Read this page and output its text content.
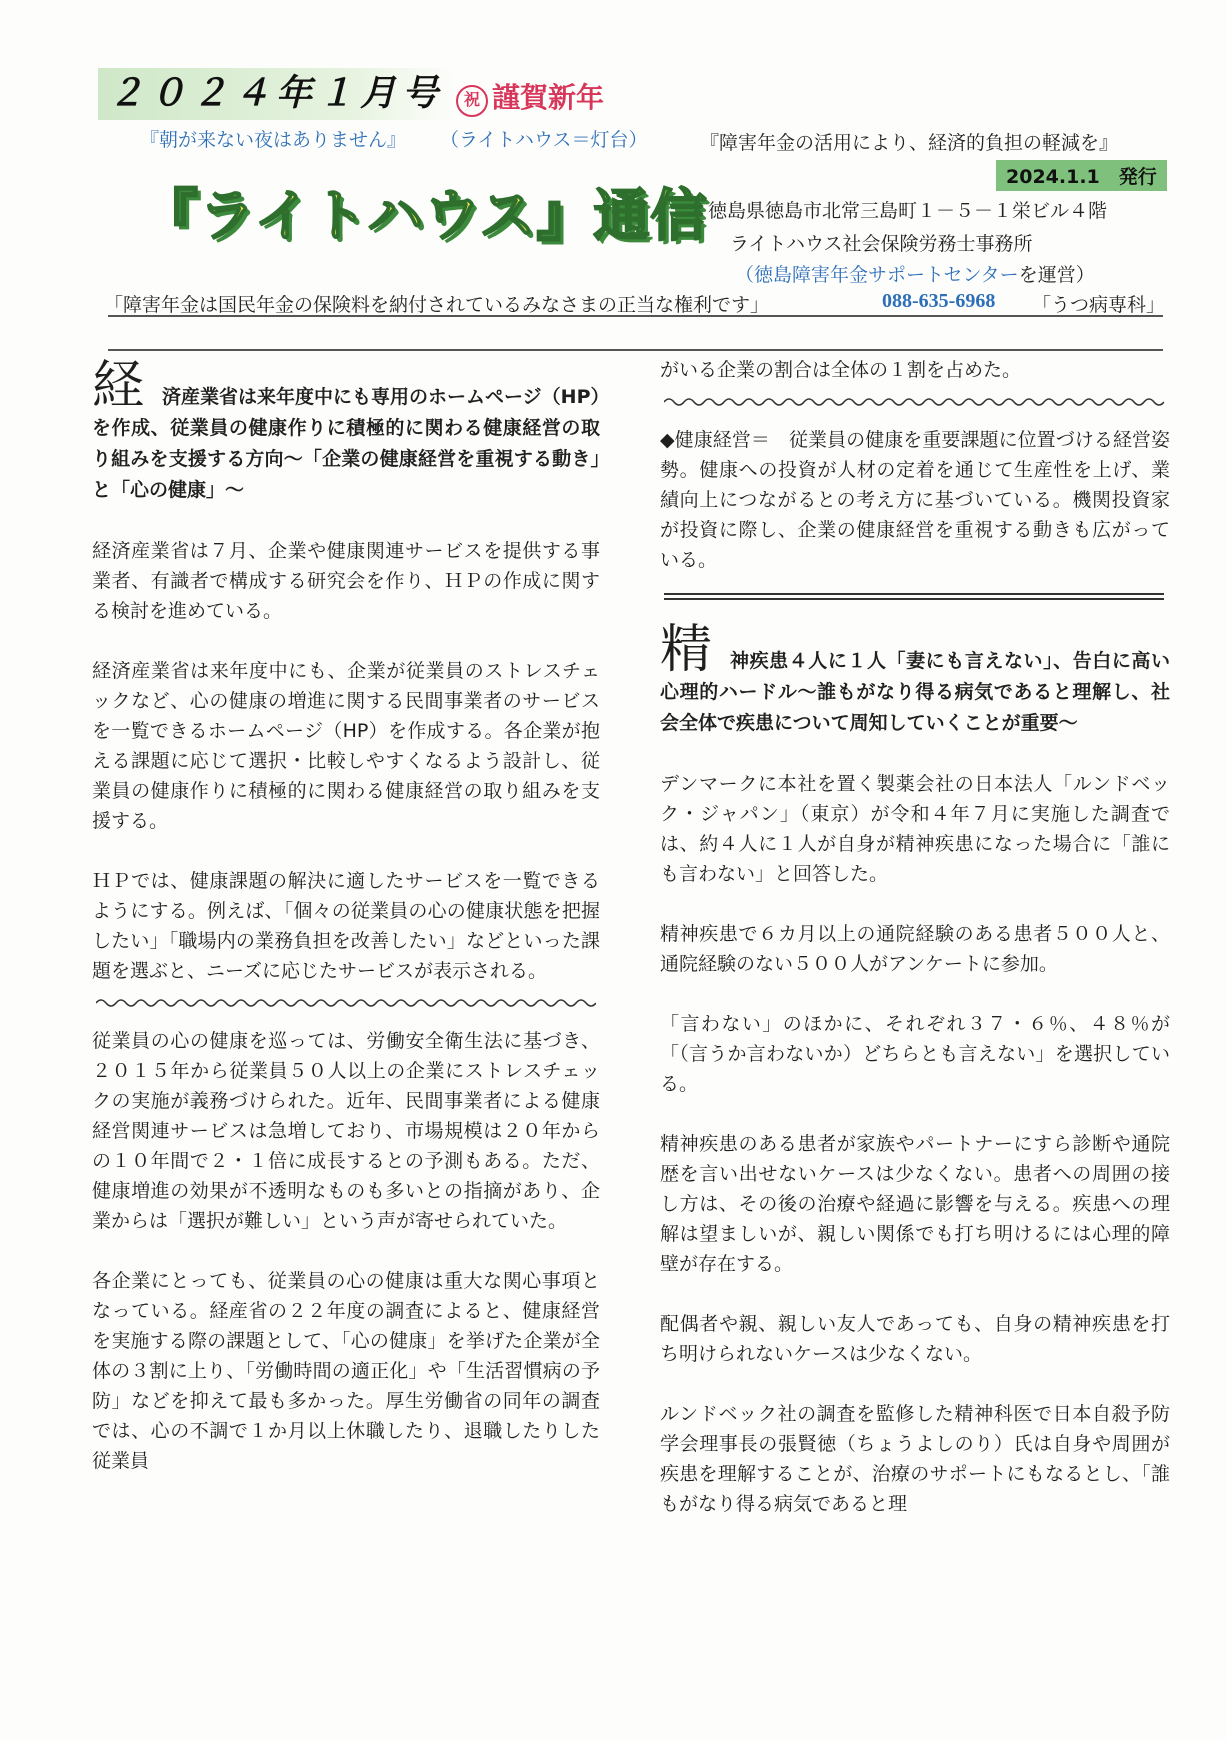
２０２４年１月号	祝 謹賀新年
『朝が来ない夜はありません』 （ライトハウス＝灯台）	『障害年金の活用により、経済的負担の軽減を』
2024.1.1　発行
『ライトハウス』通信 徳島県徳島市北常三島町１－５－１栄ビル４階
ライトハウス社会保険労務士事務所
（徳島障害年金サポートセンターを運営）
「障害年金は国民年金の保険料を納付されているみなさまの正当な権利です」	088-635-6968 「うつ病専科」

経済産業省は来年度中にも専用のホームページ（HP）を作成、従業員の健康作りに積極的に関わる健康経営の取り組みを支援する方向～「企業の健康経営を重視する動き」と「心の健康」～

経済産業省は７月、企業や健康関連サービスを提供する事業者、有識者で構成する研究会を作り、ＨＰの作成に関する検討を進めている。

経済産業省は来年度中にも、企業が従業員のストレスチェックなど、心の健康の増進に関する民間事業者のサービスを一覧できるホームページ（HP）を作成する。各企業が抱える課題に応じて選択・比較しやすくなるよう設計し、従業員の健康作りに積極的に関わる健康経営の取り組みを支援する。

ＨＰでは、健康課題の解決に適したサービスを一覧できるようにする。例えば、「個々の従業員の心の健康状態を把握したい」「職場内の業務負担を改善したい」などといった課題を選ぶと、ニーズに応じたサービスが表示される。

従業員の心の健康を巡っては、労働安全衛生法に基づき、２０１５年から従業員５０人以上の企業にストレスチェックの実施が義務づけられた。近年、民間事業者による健康経営関連サービスは急増しており、市場規模は２０年からの１０年間で２・１倍に成長するとの予測もある。ただ、健康増進の効果が不透明なものも多いとの指摘があり、企業からは「選択が難しい」という声が寄せられていた。

各企業にとっても、従業員の心の健康は重大な関心事項となっている。経産省の２２年度の調査によると、健康経営を実施する際の課題として、「心の健康」を挙げた企業が全体の３割に上り、「労働時間の適正化」や「生活習慣病の予防」などを抑えて最も多かった。厚生労働省の同年の調査では、心の不調で１か月以上休職したり、退職したりした従業員

がいる企業の割合は全体の１割を占めた。

◆健康経営＝　従業員の健康を重要課題に位置づける経営姿勢。健康への投資が人材の定着を通じて生産性を上げ、業績向上につながるとの考え方に基づいている。機関投資家が投資に際し、企業の健康経営を重視する動きも広がっている。

精神疾患４人に１人「妻にも言えない」、告白に高い心理的ハードル～誰もがなり得る病気であると理解し、社会全体で疾患について周知していくことが重要～

デンマークに本社を置く製薬会社の日本法人「ルンドベック・ジャパン」（東京）が令和４年７月に実施した調査では、約４人に１人が自身が精神疾患になった場合に「誰にも言わない」と回答した。

精神疾患で６カ月以上の通院経験のある患者５００人と、通院経験のない５００人がアンケートに参加。

「言わない」のほかに、それぞれ３７・６％、４８％が「（言うか言わないか）どちらとも言えない」を選択している。

精神疾患のある患者が家族やパートナーにすら診断や通院歴を言い出せないケースは少なくない。患者への周囲の接し方は、その後の治療や経過に影響を与える。疾患への理解は望ましいが、親しい関係でも打ち明けるには心理的障壁が存在する。

配偶者や親、親しい友人であっても、自身の精神疾患を打ち明けられないケースは少なくない。

ルンドベック社の調査を監修した精神科医で日本自殺予防学会理事長の張賢徳（ちょうよしのり）氏は自身や周囲が疾患を理解することが、治療のサポートにもなるとし、「誰もがなり得る病気であると理
